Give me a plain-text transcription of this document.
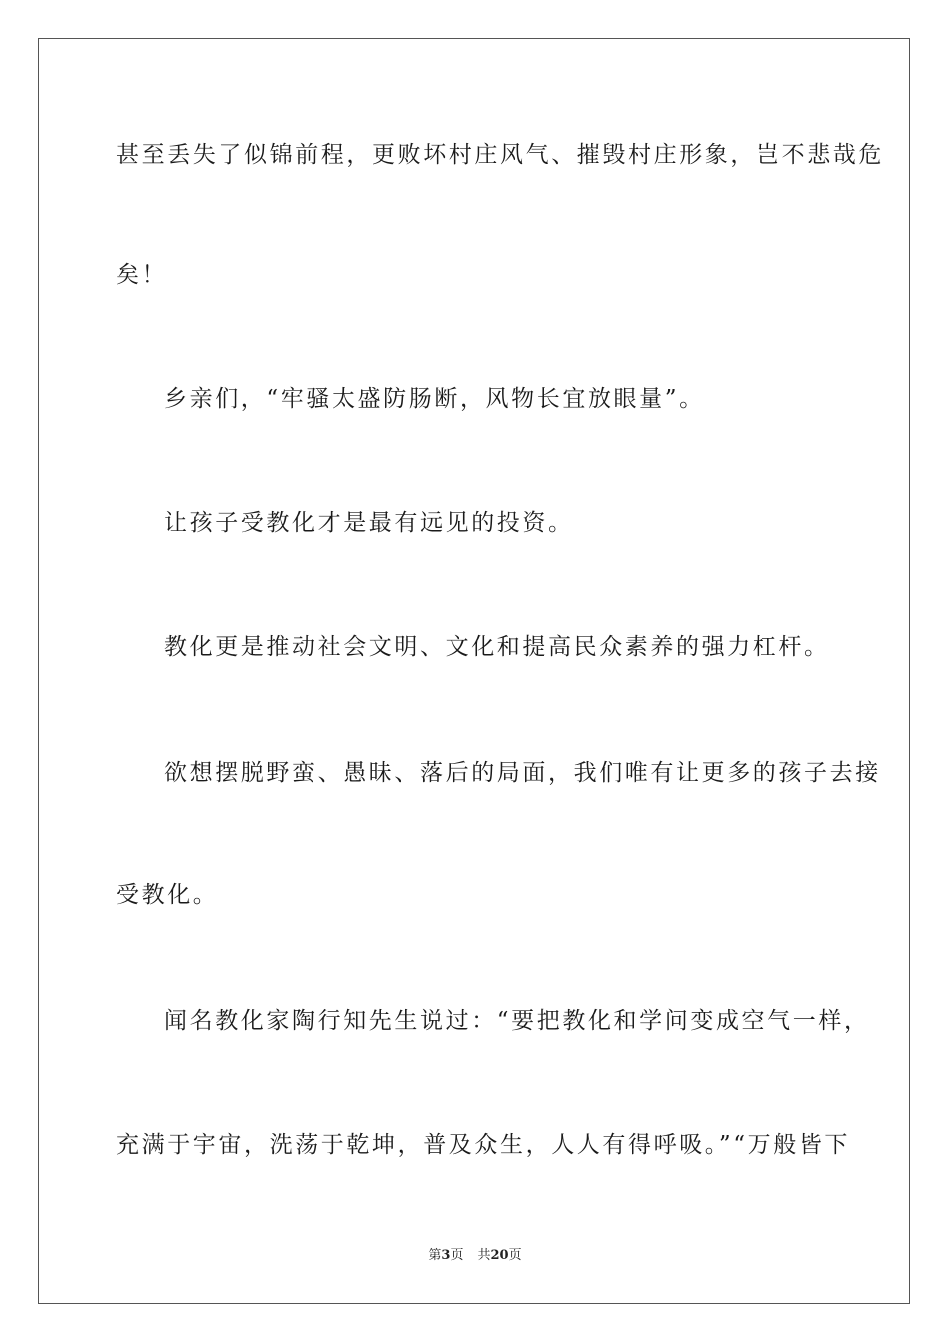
甚至丢失了似锦前程，更败坏村庄风气、摧毁村庄形象，岂不悲哉危
矣！
乡亲们，“牢骚太盛防肠断，风物长宜放眼量”。
让孩子受教化才是最有远见的投资。
教化更是推动社会文明、文化和提高民众素养的强力杠杆。
欲想摆脱野蛮、愚昧、落后的局面，我们唯有让更多的孩子去接
受教化。
闻名教化家陶行知先生说过：“要把教化和学问变成空气一样，
充满于宇宙，洗荡于乾坤，普及众生，人人有得呼吸。”“万般皆下
第3页 共20页
